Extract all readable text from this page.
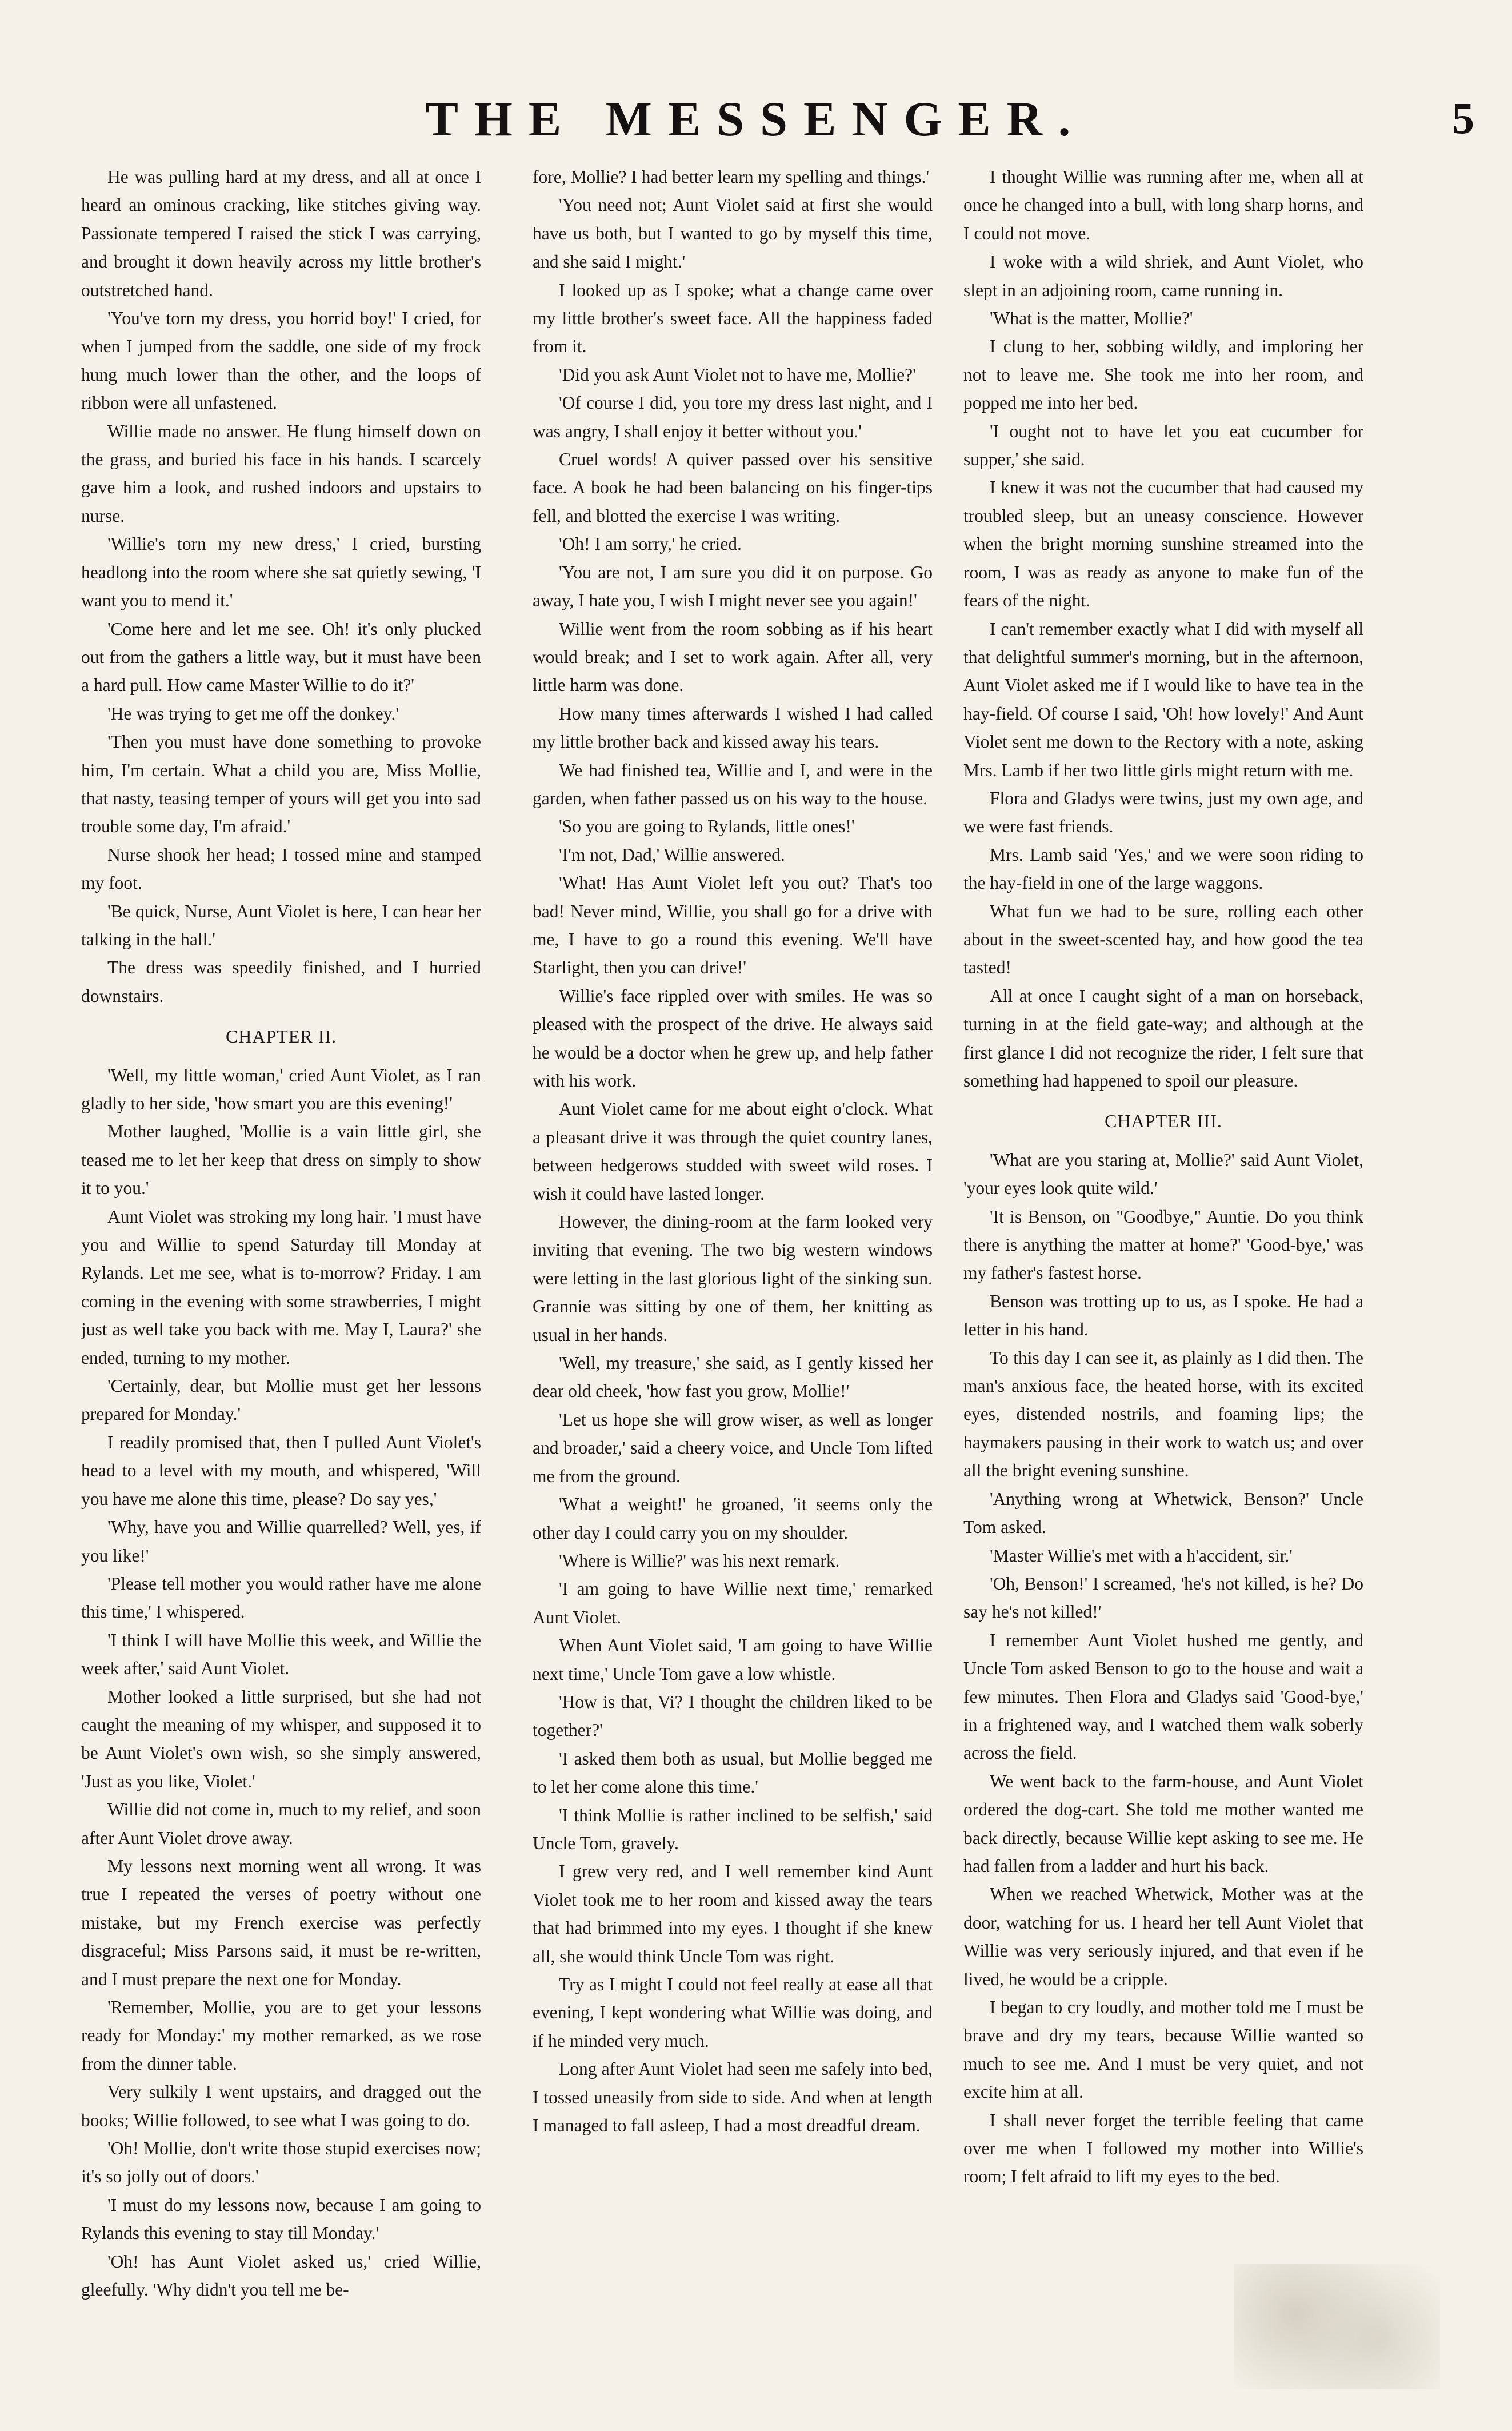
THE MESSENGER.	5

He was pulling hard at my dress, and all at once I heard an ominous cracking, like stitches giving way. Passionate tempered I raised the stick I was carrying, and brought it down heavily across my little brother's outstretched hand.

'You've torn my dress, you horrid boy!' I cried, for when I jumped from the saddle, one side of my frock hung much lower than the other, and the loops of ribbon were all unfastened.

Willie made no answer. He flung himself down on the grass, and buried his face in his hands. I scarcely gave him a look, and rushed indoors and upstairs to nurse.

'Willie's torn my new dress,' I cried, bursting headlong into the room where she sat quietly sewing, 'I want you to mend it.'

'Come here and let me see. Oh! it's only plucked out from the gathers a little way, but it must have been a hard pull. How came Master Willie to do it?'

'He was trying to get me off the donkey.'

'Then you must have done something to provoke him, I'm certain. What a child you are, Miss Mollie, that nasty, teasing temper of yours will get you into sad trouble some day, I'm afraid.'

Nurse shook her head; I tossed mine and stamped my foot.

'Be quick, Nurse, Aunt Violet is here, I can hear her talking in the hall.'

The dress was speedily finished, and I hurried downstairs.

CHAPTER II.

'Well, my little woman,' cried Aunt Violet, as I ran gladly to her side, 'how smart you are this evening!'

Mother laughed, 'Mollie is a vain little girl, she teased me to let her keep that dress on simply to show it to you.'

Aunt Violet was stroking my long hair. 'I must have you and Willie to spend Saturday till Monday at Rylands. Let me see, what is to-morrow? Friday. I am coming in the evening with some strawberries, I might just as well take you back with me. May I, Laura?' she ended, turning to my mother.

'Certainly, dear, but Mollie must get her lessons prepared for Monday.'

I readily promised that, then I pulled Aunt Violet's head to a level with my mouth, and whispered, 'Will you have me alone this time, please? Do say yes,'

'Why, have you and Willie quarrelled? Well, yes, if you like!'

'Please tell mother you would rather have me alone this time,' I whispered.

'I think I will have Mollie this week, and Willie the week after,' said Aunt Violet.

Mother looked a little surprised, but she had not caught the meaning of my whisper, and supposed it to be Aunt Violet's own wish, so she simply answered, 'Just as you like, Violet.'

Willie did not come in, much to my relief, and soon after Aunt Violet drove away.

My lessons next morning went all wrong. It was true I repeated the verses of poetry without one mistake, but my French exercise was perfectly disgraceful; Miss Parsons said, it must be re-written, and I must prepare the next one for Monday.

'Remember, Mollie, you are to get your lessons ready for Monday:' my mother remarked, as we rose from the dinner table.

Very sulkily I went upstairs, and dragged out the books; Willie followed, to see what I was going to do.

'Oh! Mollie, don't write those stupid exercises now; it's so jolly out of doors.'

'I must do my lessons now, because I am going to Rylands this evening to stay till Monday.'

'Oh! has Aunt Violet asked us,' cried Willie, gleefully. 'Why didn't you tell me be-

fore, Mollie? I had better learn my spelling and things.'

'You need not; Aunt Violet said at first she would have us both, but I wanted to go by myself this time, and she said I might.'

I looked up as I spoke; what a change came over my little brother's sweet face. All the happiness faded from it.

'Did you ask Aunt Violet not to have me, Mollie?'

'Of course I did, you tore my dress last night, and I was angry, I shall enjoy it better without you.'

Cruel words! A quiver passed over his sensitive face. A book he had been balancing on his finger-tips fell, and blotted the exercise I was writing.

'Oh! I am sorry,' he cried.

'You are not, I am sure you did it on purpose. Go away, I hate you, I wish I might never see you again!'

Willie went from the room sobbing as if his heart would break; and I set to work again. After all, very little harm was done.

How many times afterwards I wished I had called my little brother back and kissed away his tears.

We had finished tea, Willie and I, and were in the garden, when father passed us on his way to the house.

'So you are going to Rylands, little ones!'

'I'm not, Dad,' Willie answered.

'What! Has Aunt Violet left you out? That's too bad! Never mind, Willie, you shall go for a drive with me, I have to go a round this evening. We'll have Starlight, then you can drive!'

Willie's face rippled over with smiles. He was so pleased with the prospect of the drive. He always said he would be a doctor when he grew up, and help father with his work.

Aunt Violet came for me about eight o'clock. What a pleasant drive it was through the quiet country lanes, between hedgerows studded with sweet wild roses. I wish it could have lasted longer.

However, the dining-room at the farm looked very inviting that evening. The two big western windows were letting in the last glorious light of the sinking sun. Grannie was sitting by one of them, her knitting as usual in her hands.

'Well, my treasure,' she said, as I gently kissed her dear old cheek, 'how fast you grow, Mollie!'

'Let us hope she will grow wiser, as well as longer and broader,' said a cheery voice, and Uncle Tom lifted me from the ground.

'What a weight!' he groaned, 'it seems only the other day I could carry you on my shoulder.

'Where is Willie?' was his next remark.

'I am going to have Willie next time,' remarked Aunt Violet.

When Aunt Violet said, 'I am going to have Willie next time,' Uncle Tom gave a low whistle.

'How is that, Vi? I thought the children liked to be together?'

'I asked them both as usual, but Mollie begged me to let her come alone this time.'

'I think Mollie is rather inclined to be selfish,' said Uncle Tom, gravely.

I grew very red, and I well remember kind Aunt Violet took me to her room and kissed away the tears that had brimmed into my eyes. I thought if she knew all, she would think Uncle Tom was right.

Try as I might I could not feel really at ease all that evening, I kept wondering what Willie was doing, and if he minded very much.

Long after Aunt Violet had seen me safely into bed, I tossed uneasily from side to side. And when at length I managed to fall asleep, I had a most dreadful dream.

I thought Willie was running after me, when all at once he changed into a bull, with long sharp horns, and I could not move.

I woke with a wild shriek, and Aunt Violet, who slept in an adjoining room, came running in.

'What is the matter, Mollie?'

I clung to her, sobbing wildly, and imploring her not to leave me. She took me into her room, and popped me into her bed.

'I ought not to have let you eat cucumber for supper,' she said.

I knew it was not the cucumber that had caused my troubled sleep, but an uneasy conscience. However when the bright morning sunshine streamed into the room, I was as ready as anyone to make fun of the fears of the night.

I can't remember exactly what I did with myself all that delightful summer's morning, but in the afternoon, Aunt Violet asked me if I would like to have tea in the hay-field. Of course I said, 'Oh! how lovely!' And Aunt Violet sent me down to the Rectory with a note, asking Mrs. Lamb if her two little girls might return with me.

Flora and Gladys were twins, just my own age, and we were fast friends.

Mrs. Lamb said 'Yes,' and we were soon riding to the hay-field in one of the large waggons.

What fun we had to be sure, rolling each other about in the sweet-scented hay, and how good the tea tasted!

All at once I caught sight of a man on horseback, turning in at the field gate-way; and although at the first glance I did not recognize the rider, I felt sure that something had happened to spoil our pleasure.

CHAPTER III.

'What are you staring at, Mollie?' said Aunt Violet, 'your eyes look quite wild.'

'It is Benson, on "Goodbye," Auntie. Do you think there is anything the matter at home?' 'Good-bye,' was my father's fastest horse.

Benson was trotting up to us, as I spoke. He had a letter in his hand.

To this day I can see it, as plainly as I did then. The man's anxious face, the heated horse, with its excited eyes, distended nostrils, and foaming lips; the haymakers pausing in their work to watch us; and over all the bright evening sunshine.

'Anything wrong at Whetwick, Benson?' Uncle Tom asked.

'Master Willie's met with a h'accident, sir.'

'Oh, Benson!' I screamed, 'he's not killed, is he? Do say he's not killed!'

I remember Aunt Violet hushed me gently, and Uncle Tom asked Benson to go to the house and wait a few minutes. Then Flora and Gladys said 'Good-bye,' in a frightened way, and I watched them walk soberly across the field.

We went back to the farm-house, and Aunt Violet ordered the dog-cart. She told me mother wanted me back directly, because Willie kept asking to see me. He had fallen from a ladder and hurt his back.

When we reached Whetwick, Mother was at the door, watching for us. I heard her tell Aunt Violet that Willie was very seriously injured, and that even if he lived, he would be a cripple.

I began to cry loudly, and mother told me I must be brave and dry my tears, because Willie wanted so much to see me. And I must be very quiet, and not excite him at all.

I shall never forget the terrible feeling that came over me when I followed my mother into Willie's room; I felt afraid to lift my eyes to the bed.
